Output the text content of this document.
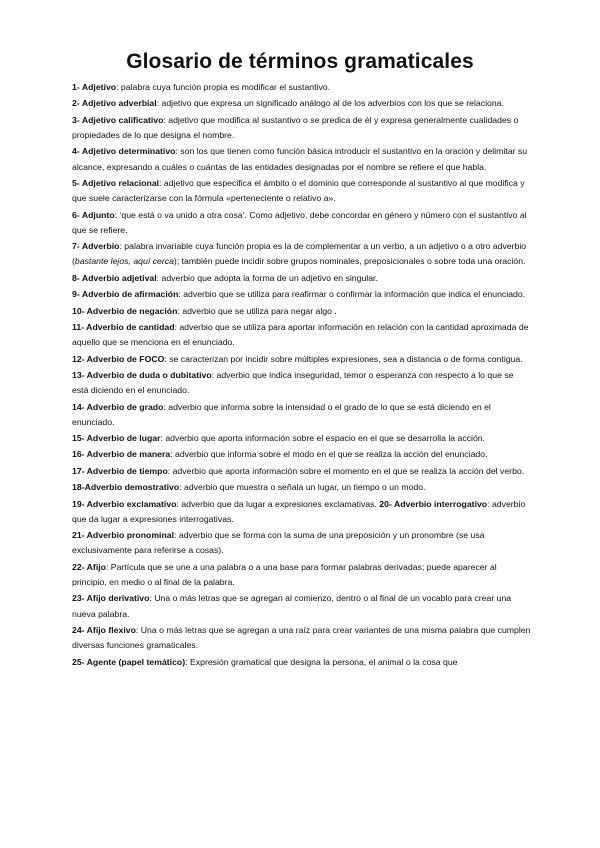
Glosario de términos gramaticales

1- Adjetivo: palabra cuya función propia es modificar el sustantivo.

2- Adjetivo adverbial: adjetivo que expresa un significado análogo al de los adverbios con los que se relaciona.

3- Adjetivo calificativo: adjetivo que modifica al sustantivo o se predica de él y expresa generalmente cualidades o propiedades de lo que designa el nombre.

4- Adjetivo determinativo: son los que tienen como función básica introducir el sustantivo en la oración y delimitar su alcance, expresando a cuáles o cuántas de las entidades designadas por el nombre se refiere el que habla.

5- Adjetivo relacional: adjetivo que especifica el ámbito o el dominio que corresponde al sustantivo al que modifica y que suele caracterizarse con la fórmula «perteneciente o relativo a».

6- Adjunto: ‘que está o va unido a otra cosa’. Como adjetivo, debe concordar en género y número con el sustantivo al que se refiere.

7- Adverbio: palabra invariable cuya función propia es la de complementar a un verbo, a un adjetivo o a otro adverbio (bastante lejos, aquí cerca); también puede incidir sobre grupos nominales, preposicionales o sobre toda una oración.

8- Adverbio adjetival: adverbio que adopta la forma de un adjetivo en singular.

9- Adverbio de afirmación: adverbio que se utiliza para reafirmar o confirmar la información que indica el enunciado.

10- Adverbio de negación: adverbio que se utiliza para negar algo .

11- Adverbio de cantidad: adverbio que se utiliza para aportar información en relación con la cantidad aproximada de aquello que se menciona en el enunciado.

12- Adverbio de FOCO: se caracterizan por incidir sobre múltiples expresiones, sea a distancia o de forma contigua.

13- Adverbio de duda o dubitativo: adverbio que indica inseguridad, temor o esperanza con respecto a lo que se está diciendo en el enunciado.

14- Adverbio de grado: adverbio que informa sobre la intensidad o el grado de lo que se está diciendo en el enunciado.

15- Adverbio de lugar: adverbio que aporta información sobre el espacio en el que se desarrolla la acción.

16- Adverbio de manera: adverbio que informa sobre el modo en el que se realiza la acción del enunciado.

17- Adverbio de tiempo: adverbio que aporta información sobre el momento en el que se realiza la acción del verbo.

18-Adverbio demostrativo: adverbio que muestra o señala un lugar, un tiempo o un modo.

19- Adverbio exclamativo: adverbio que da lugar a expresiones exclamativas. 20- Adverbio interrogativo: adverbio que da lugar a expresiones interrogativas.

21- Adverbio pronominal: adverbio que se forma con la suma de una preposición y un pronombre (se usa exclusivamente para referirse a cosas).

22- Afijo: Partícula que se une a una palabra o a una base para formar palabras derivadas; puede aparecer al principio, en medio o al final de la palabra.

23- Afijo derivativo: Una o más letras que se agregan al comienzo, dentro o al final de un vocablo para crear una nueva palabra.

24- Afijo flexivo: Una o más letras que se agregan a una raíz para crear variantes de una misma palabra que cumplen diversas funciones gramaticales.

25- Agente (papel temático): Expresión gramatical que designa la persona, el animal o la cosa que
